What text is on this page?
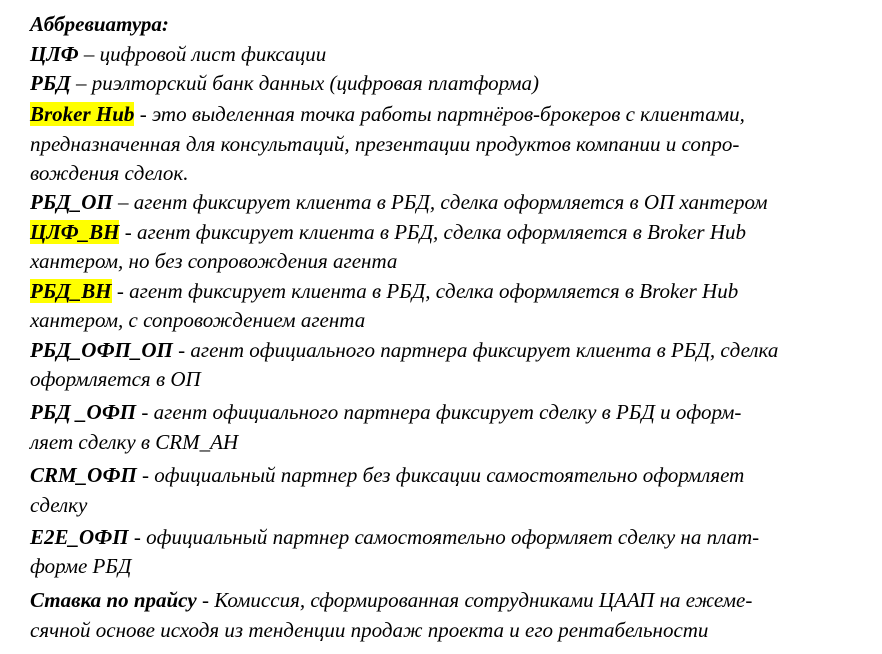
Аббревиатура:
ЦЛФ – цифровой лист фиксации
РБД – риэлторский банк данных (цифровая платформа)
Broker Hub - это выделенная точка работы партнёров-брокеров с клиентами,
предназначенная для консультаций, презентации продуктов компании и сопро-
вождения сделок.
РБД_ОП – агент фиксирует клиента в РБД, сделка оформляется в ОП хантером
ЦЛФ_ВН - агент фиксирует клиента в РБД, сделка оформляется в Broker Hub
хантером, но без сопровождения агента
РБД_ВН - агент фиксирует клиента в РБД, сделка оформляется в Broker Hub
хантером, с сопровождением агента
РБД_ОФП_ОП - агент официального партнера фиксирует клиента в РБД, сделка
оформляется в ОП
РБД _ОФП - агент официального партнера фиксирует сделку в РБД и оформ-
ляет сделку в CRM_AH
CRM_ОФП - официальный партнер без фиксации самостоятельно оформляет
сделку
E2E_ОФП - официальный партнер самостоятельно оформляет сделку на плат-
форме РБД
Ставка по прайсу - Комиссия, сформированная сотрудниками ЦААП на ежеме-
сячной основе исходя из тенденции продаж проекта и его рентабельности
